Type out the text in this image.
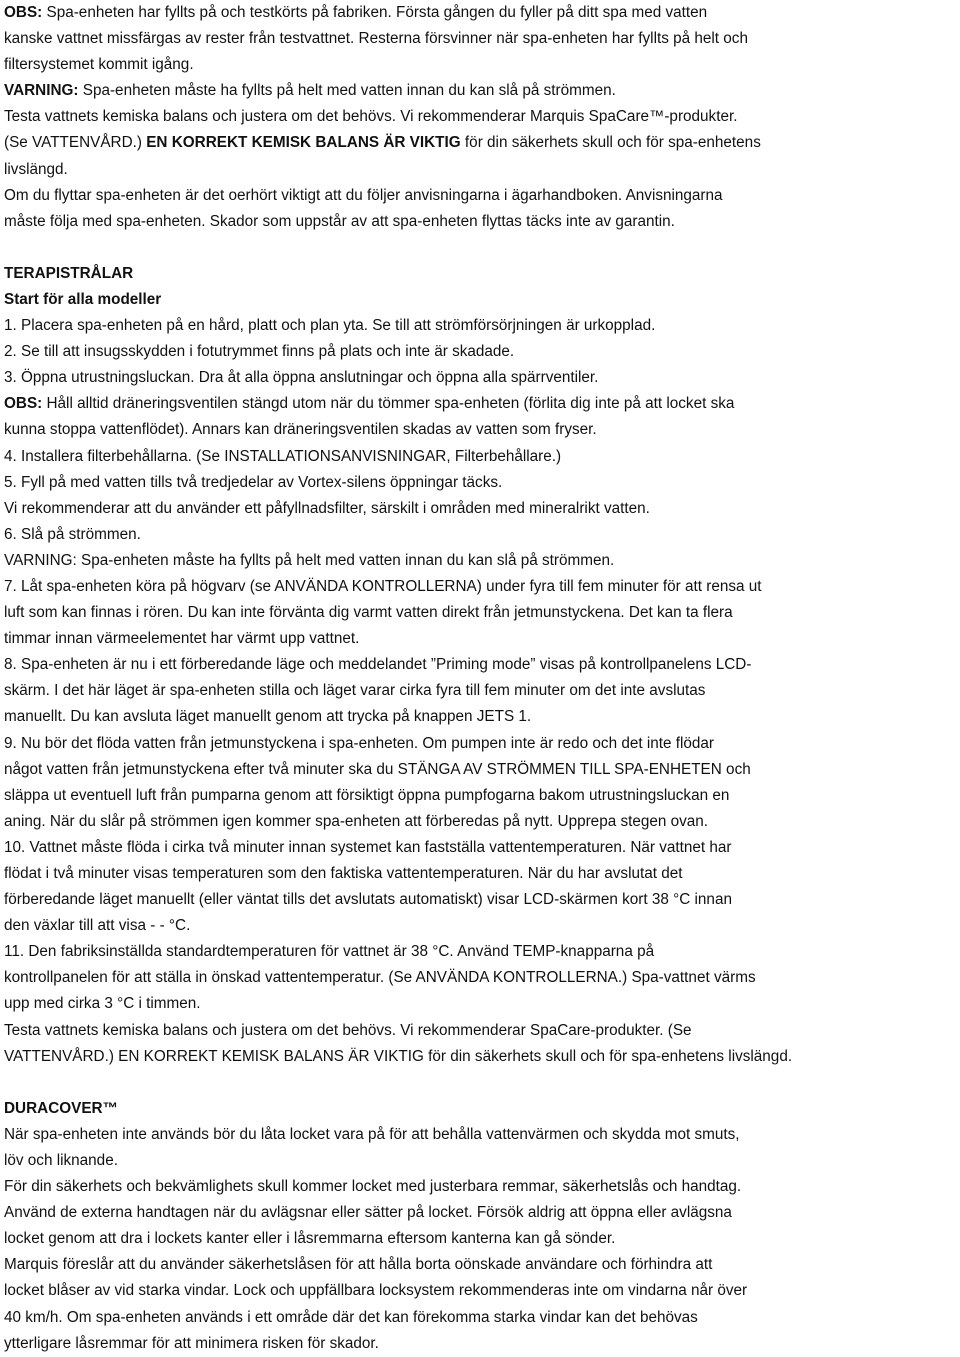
OBS: Spa-enheten har fyllts på och testkörts på fabriken. Första gången du fyller på ditt spa med vatten

kanske vattnet missfärgas av rester från testvattnet. Resterna försvinner när spa-enheten har fyllts på helt och

filtersystemet kommit igång.

VARNING: Spa-enheten måste ha fyllts på helt med vatten innan du kan slå på strömmen.

Testa vattnets kemiska balans och justera om det behövs. Vi rekommenderar Marquis SpaCare™-produkter.

(Se VATTENVÅRD.) EN KORREKT KEMISK BALANS ÄR VIKTIG för din säkerhets skull och för spa-enhetens

livslängd.

Om du flyttar spa-enheten är det oerhört viktigt att du följer anvisningarna i ägarhandboken. Anvisningarna

måste följa med spa-enheten. Skador som uppstår av att spa-enheten flyttas täcks inte av garantin.

TERAPISTRÅLAR

Start för alla modeller

1. Placera spa-enheten på en hård, platt och plan yta. Se till att strömförsörjningen är urkopplad.

2. Se till att insugsskydden i fotutrymmet finns på plats och inte är skadade.

3. Öppna utrustningsluckan. Dra åt alla öppna anslutningar och öppna alla spärrventiler.

OBS: Håll alltid dräneringsventilen stängd utom när du tömmer spa-enheten (förlita dig inte på att locket ska

kunna stoppa vattenflödet). Annars kan dräneringsventilen skadas av vatten som fryser.

4. Installera filterbehållarna. (Se INSTALLATIONSANVISNINGAR, Filterbehållare.)

5. Fyll på med vatten tills två tredjedelar av Vortex-silens öppningar täcks.

Vi rekommenderar att du använder ett påfyllnadsfilter, särskilt i områden med mineralrikt vatten.

6. Slå på strömmen.

VARNING: Spa-enheten måste ha fyllts på helt med vatten innan du kan slå på strömmen.

7. Låt spa-enheten köra på högvarv (se ANVÄNDA KONTROLLERNA) under fyra till fem minuter för att rensa ut

luft som kan finnas i rören. Du kan inte förvänta dig varmt vatten direkt från jetmunstyckena. Det kan ta flera

timmar innan värmeelementet har värmt upp vattnet.

8. Spa-enheten är nu i ett förberedande läge och meddelandet ”Priming mode” visas på kontrollpanelens LCD-

skärm. I det här läget är spa-enheten stilla och läget varar cirka fyra till fem minuter om det inte avslutas

manuellt. Du kan avsluta läget manuellt genom att trycka på knappen JETS 1.

9. Nu bör det flöda vatten från jetmunstyckena i spa-enheten. Om pumpen inte är redo och det inte flödar

något vatten från jetmunstyckena efter två minuter ska du STÄNGA AV STRÖMMEN TILL SPA-ENHETEN och

släppa ut eventuell luft från pumparna genom att försiktigt öppna pumpfogarna bakom utrustningsluckan en

aning. När du slår på strömmen igen kommer spa-enheten att förberedas på nytt. Upprepa stegen ovan.

10. Vattnet måste flöda i cirka två minuter innan systemet kan fastställa vattentemperaturen. När vattnet har

flödat i två minuter visas temperaturen som den faktiska vattentemperaturen. När du har avslutat det

förberedande läget manuellt (eller väntat tills det avslutats automatiskt) visar LCD-skärmen kort 38 °C innan

den växlar till att visa - - °C.

11. Den fabriksinställda standardtemperaturen för vattnet är 38 °C. Använd TEMP-knapparna på

kontrollpanelen för att ställa in önskad vattentemperatur. (Se ANVÄNDA KONTROLLERNA.) Spa-vattnet värms

upp med cirka 3 °C i timmen.

Testa vattnets kemiska balans och justera om det behövs. Vi rekommenderar SpaCare-produkter. (Se

VATTENVÅRD.) EN KORREKT KEMISK BALANS ÄR VIKTIG för din säkerhets skull och för spa-enhetens livslängd.

DURACOVER™

När spa-enheten inte används bör du låta locket vara på för att behålla vattenvärmen och skydda mot smuts,

löv och liknande.

För din säkerhets och bekvämlighets skull kommer locket med justerbara remmar, säkerhetslås och handtag.

Använd de externa handtagen när du avlägsnar eller sätter på locket. Försök aldrig att öppna eller avlägsna

locket genom att dra i lockets kanter eller i låsremmarna eftersom kanterna kan gå sönder.

Marquis föreslår att du använder säkerhetslåsen för att hålla borta oönskade användare och förhindra att

locket blåser av vid starka vindar. Lock och uppfällbara locksystem rekommenderas inte om vindarna når över

40 km/h. Om spa-enheten används i ett område där det kan förekomma starka vindar kan det behövas

ytterligare låsremmar för att minimera risken för skador.
